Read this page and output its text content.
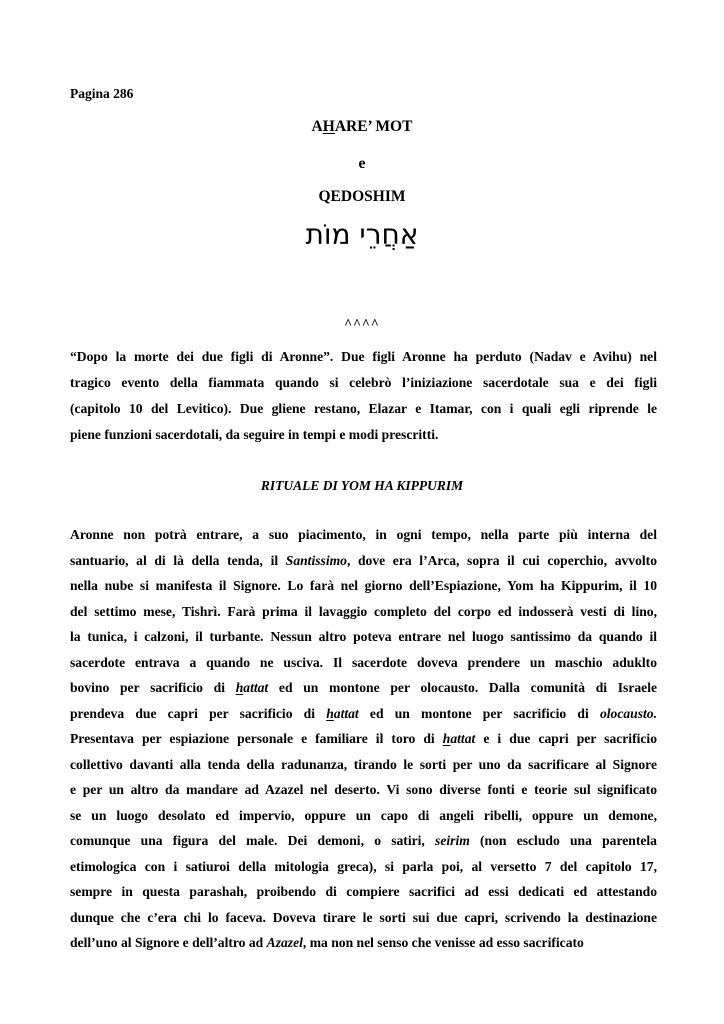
Pagina 286
AHARE’ MOT
e
QEDOSHIM
אַחֲרֵי מוֹת
^^^^
“Dopo la morte dei due figli di Aronne”. Due figli Aronne ha perduto (Nadav e Avihu) nel
tragico evento della fiammata quando si celebrò l’iniziazione sacerdotale sua e dei figli
(capitolo 10 del Levitico). Due gliene restano, Elazar e Itamar, con i quali egli riprende le
piene funzioni sacerdotali, da seguire in tempi e modi prescritti.
RITUALE DI YOM HA KIPPURIM
Aronne non potrà entrare, a suo piacimento, in ogni tempo, nella parte più interna del
santuario, al di là della tenda, il Santissimo, dove era l’Arca, sopra il cui coperchio, avvolto
nella nube si manifesta il Signore. Lo farà nel giorno dell’Espiazione, Yom ha Kippurim, il 10
del settimo mese, Tishrì. Farà prima il lavaggio completo del corpo ed indosserà vesti di lino,
la tunica, i calzoni, il turbante. Nessun altro poteva entrare nel luogo santissimo da quando il
sacerdote entrava a quando ne usciva. Il sacerdote doveva prendere un maschio aduklto
bovino per sacrificio di hattat ed un montone per olocausto. Dalla comunità di Israele
prendeva due capri per sacrificio di hattat ed un montone per sacrificio di olocausto.
Presentava per espiazione personale e familiare il toro di hattat e i due capri per sacrificio
collettivo davanti alla tenda della radunanza, tirando le sorti per uno da sacrificare al Signore
e per un altro da mandare ad Azazel nel deserto. Vi sono diverse fonti e teorie sul significato
se un luogo desolato ed impervio, oppure un capo di angeli ribelli, oppure un demone,
comunque una figura del male. Dei demoni, o satiri, seirim (non escludo una parentela
etimologica con i satiuroi della mitologia greca), si parla poi, al versetto 7 del capitolo 17,
sempre in questa parashah, proibendo di compiere sacrifici ad essi dedicati ed attestando
dunque che c’era chi lo faceva. Doveva tirare le sorti sui due capri, scrivendo la destinazione
dell’uno al Signore e dell’altro ad Azazel, ma non nel senso che venisse ad esso sacrificato
